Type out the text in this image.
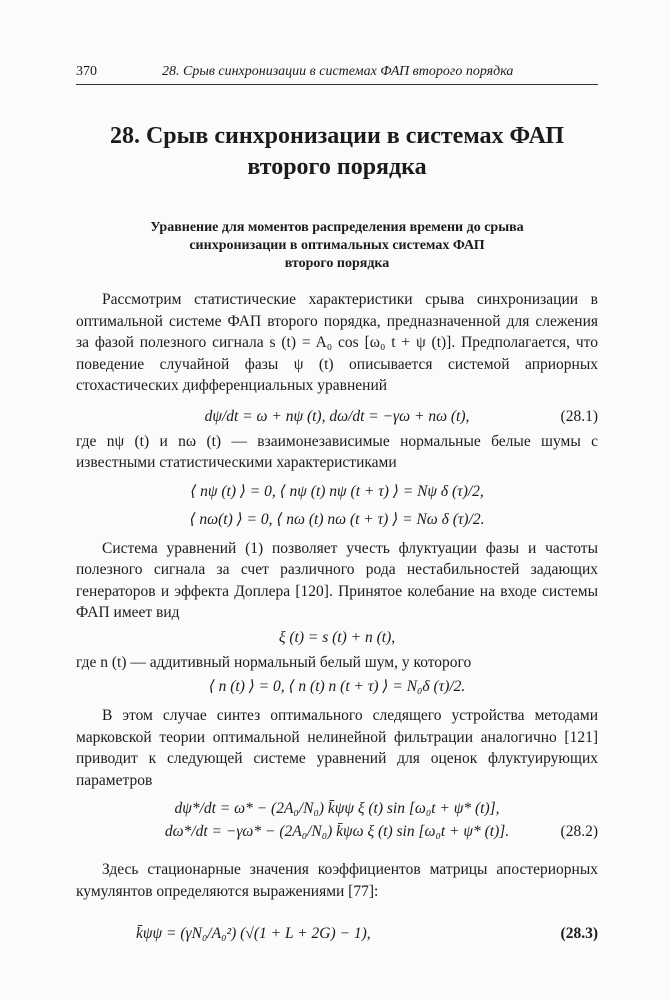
370	28. Срыв синхронизации в системах ФАП второго порядка
28. Срыв синхронизации в системах ФАП
второго порядка
Уравнение для моментов распределения времени до срыва
синхронизации в оптимальных системах ФАП
второго порядка

Рассмотрим статистические характеристики срыва синхронизации в оптимальной системе ФАП второго порядка, предназначенной для слежения за фазой полезного сигнала s (t) = A₀ cos [ω₀ t + ψ (t)]. Предполагается, что поведение случайной фазы ψ (t) описывается системой априорных стохастических дифференциальных уравнений

dψ/dt = ω + nψ (t), dω/dt = −γω + nω (t),	(28.1)

где nψ (t) и nω (t) — взаимонезависимые нормальные белые шумы с известными статистическими характеристиками

⟨ nψ (t) ⟩ = 0, ⟨ nψ (t) nψ (t + τ) ⟩ = Nψ δ (τ)/2,
⟨ nω(t) ⟩ = 0, ⟨ nω (t) nω (t + τ) ⟩ = Nω δ (τ)/2.

Система уравнений (1) позволяет учесть флуктуации фазы и частоты полезного сигнала за счет различного рода нестабильностей задающих генераторов и эффекта Доплера [120]. Принятое колебание на входе системы ФАП имеет вид

ξ (t) = s (t) + n (t),

где n (t) — аддитивный нормальный белый шум, у которого

⟨ n (t) ⟩ = 0, ⟨ n (t) n (t + τ) ⟩ = N₀δ (τ)/2.

В этом случае синтез оптимального следящего устройства методами марковской теории оптимальной нелинейной фильтрации аналогично [121] приводит к следующей системе уравнений для оценок флуктуирующих параметров

dψ*/dt = ω* − (2A₀/N₀) k̄ψψ ξ (t) sin [ω₀t + ψ* (t)],
dω*/dt = −γω* − (2A₀/N₀) k̄ψω ξ (t) sin [ω₀t + ψ* (t)].	(28.2)

Здесь стационарные значения коэффициентов матрицы апостериорных кумулянтов определяются выражениями [77]:

k̄ψψ = (γN₀/A₀²) (√(1 + L + 2G) − 1),	(28.3)
